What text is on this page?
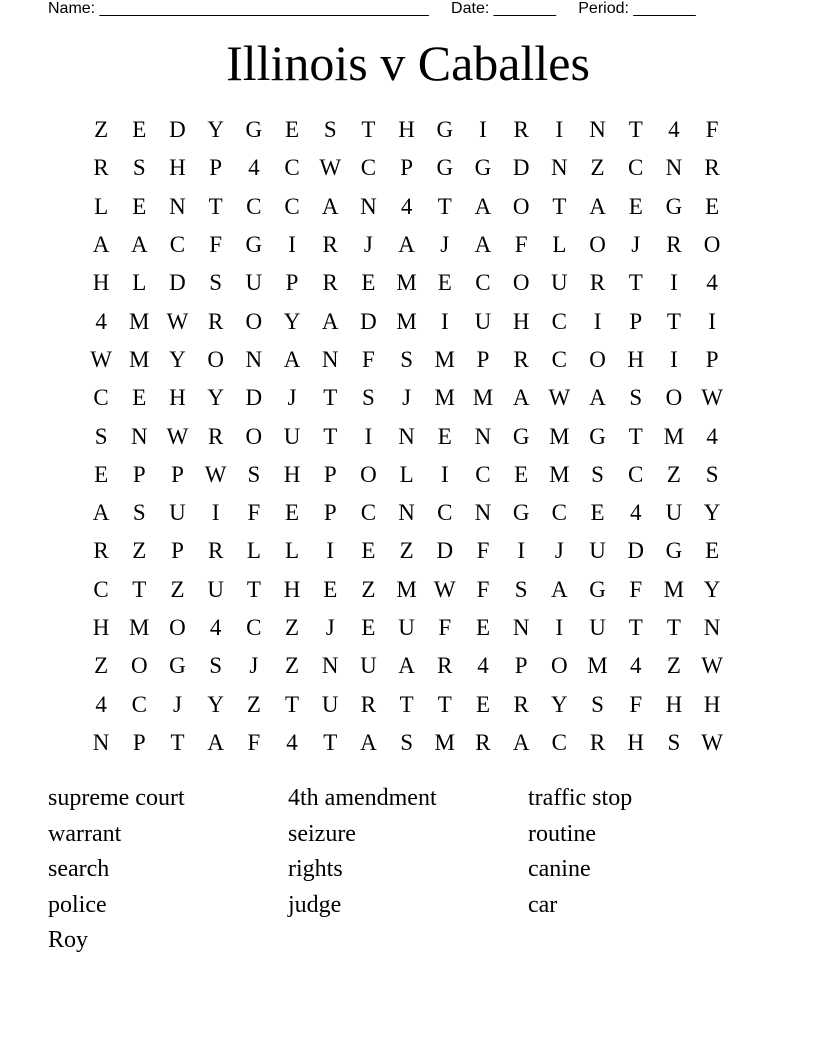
Name: _____________________________________     Date: _______     Period: _______
Illinois v Caballes
Z	E D Y G E	S	T H G	I	R	I	N T	4	F
R	S	H	P	4	C W C	P	G G D N Z	C N R
L	E N T	C C A N	4	T A O T A E G E
A A C	F	G	I	R	J	A	J	A	F	L O	J	R O
H L D	S	U	P	R	E M E	C O U R	T	I	4
4 M W R O Y A D M	I	U H C	I	P	T	I
W M Y O N A N	F	S M P	R C O H	I	P
C	E H Y D	J	T	S	J	M M A W A	S	O W
S	N W R O U T	I	N E N G M G T M 4
E	P	P W S	H	P	O L	I	C	E M S	C	Z	S
A	S	U	I	F	E	P	C N C N G C	E	4	U Y
R	Z	P	R	L	L	I	E	Z D	F	I	J	U D G E
C	T	Z U T H E	Z M W F	S	A G	F M Y
H M O	4	C	Z	J	E U	F	E N	I	U T	T N
Z O G	S	J	Z N U A R	4	P	O M 4	Z W
4	C	J	Y Z	T U R	T	T	E	R Y	S	F	H H
N	P	T A	F	4	T A	S M R A C R H	S W
supreme court	4th amendment	traffic stop
warrant	seizure	routine
search	rights	canine
police	judge	car
Roy
